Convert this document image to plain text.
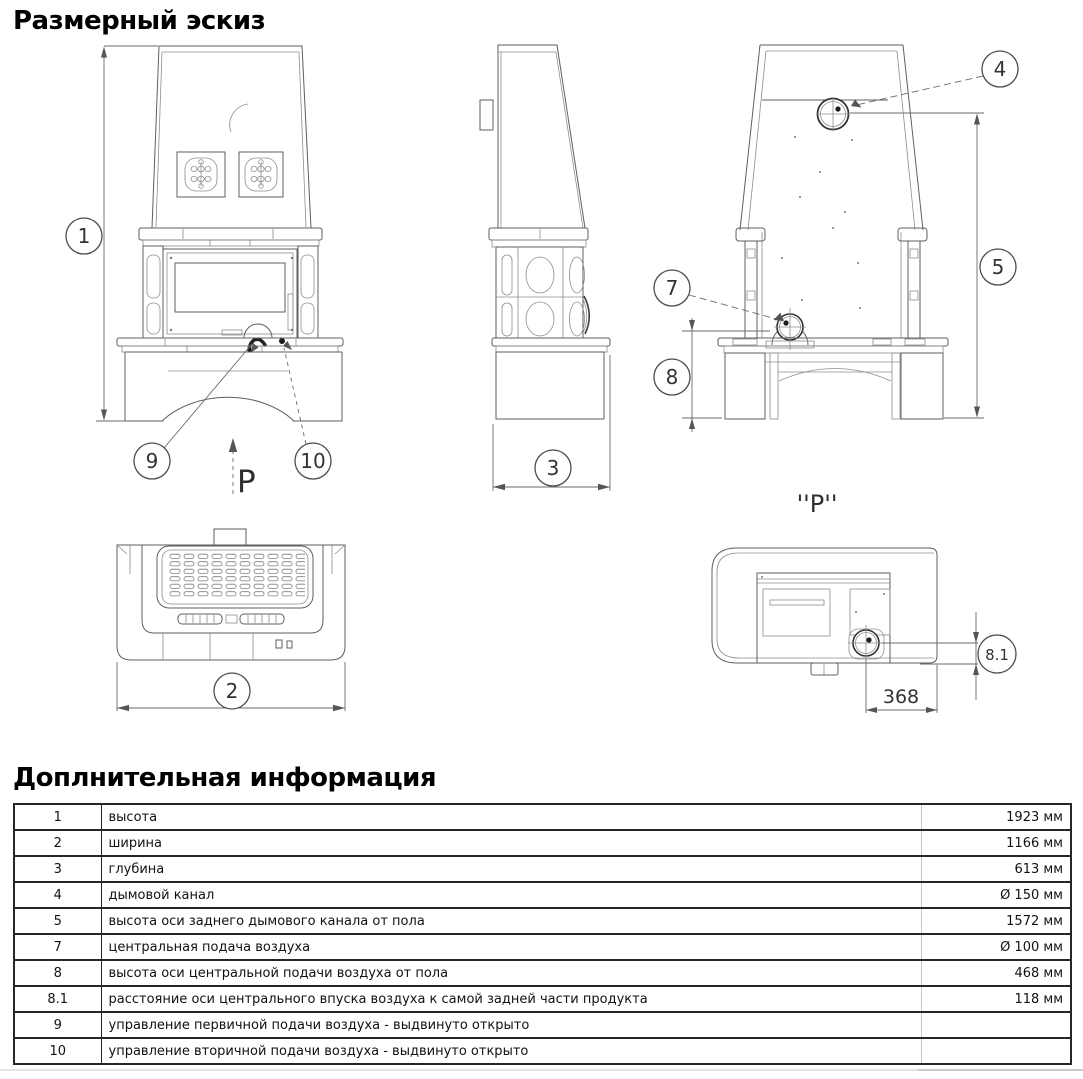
Размерный эскиз
1
9	10
P	3
4
5
7
8
''P''
2
8.1
368
Доплнительная информация
1	высота	1923 мм
2	ширина	1166 мм
3	глубина	613 мм
4	дымовой канал	Ø 150 мм
5	высота оси заднего дымового канала от пола	1572 мм
7	центральная подача воздуха	Ø 100 мм
8	высота оси центральной подачи воздуха от пола	468 мм
8.1	расстояние оси центрального впуска воздуха к самой задней части продукта	118 мм
9	управление первичной подачи воздуха - выдвинуто открыто	
10	управление вторичной подачи воздуха - выдвинуто открыто	
